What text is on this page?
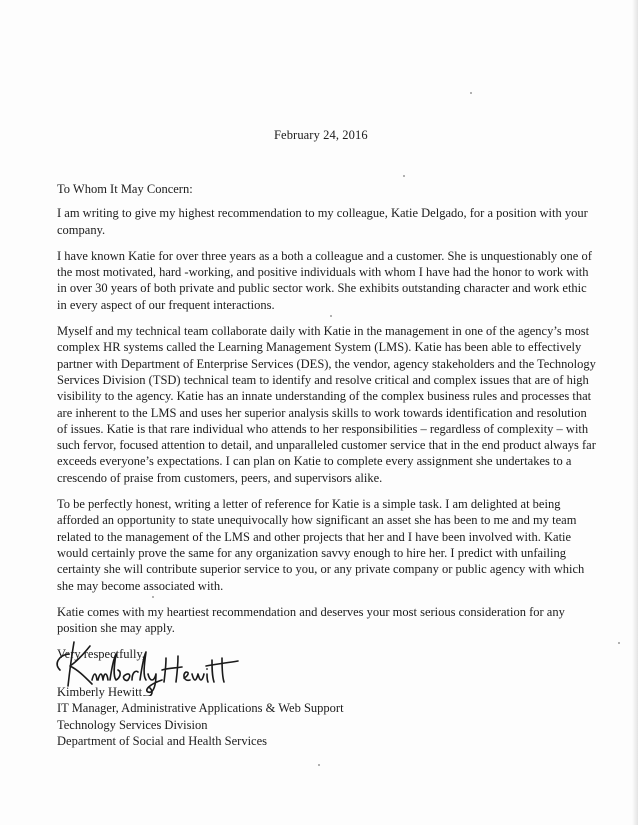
February 24, 2016

To Whom It May Concern:

I am writing to give my highest recommendation to my colleague, Katie Delgado, for a position with your company.

I have known Katie for over three years as a both a colleague and a customer. She is unquestionably one of the most motivated, hard -working, and positive individuals with whom I have had the honor to work with in over 30 years of both private and public sector work. She exhibits outstanding character and work ethic in every aspect of our frequent interactions.

Myself and my technical team collaborate daily with Katie in the management in one of the agency’s most complex HR systems called the Learning Management System (LMS). Katie has been able to effectively partner with Department of Enterprise Services (DES), the vendor, agency stakeholders and the Technology Services Division (TSD) technical team to identify and resolve critical and complex issues that are of high visibility to the agency. Katie has an innate understanding of the complex business rules and processes that are inherent to the LMS and uses her superior analysis skills to work towards identification and resolution of issues. Katie is that rare individual who attends to her responsibilities – regardless of complexity – with such fervor, focused attention to detail, and unparalleled customer service that in the end product always far exceeds everyone’s expectations. I can plan on Katie to complete every assignment she undertakes to a crescendo of praise from customers, peers, and supervisors alike.

To be perfectly honest, writing a letter of reference for Katie is a simple task. I am delighted at being afforded an opportunity to state unequivocally how significant an asset she has been to me and my team related to the management of the LMS and other projects that her and I have been involved with. Katie would certainly prove the same for any organization savvy enough to hire her. I predict with unfailing certainty she will contribute superior service to you, or any private company or public agency with which she may become associated with.

Katie comes with my heartiest recommendation and deserves your most serious consideration for any position she may apply.

Very respectfully,

Kimberly Hewitt
IT Manager, Administrative Applications & Web Support
Technology Services Division
Department of Social and Health Services
